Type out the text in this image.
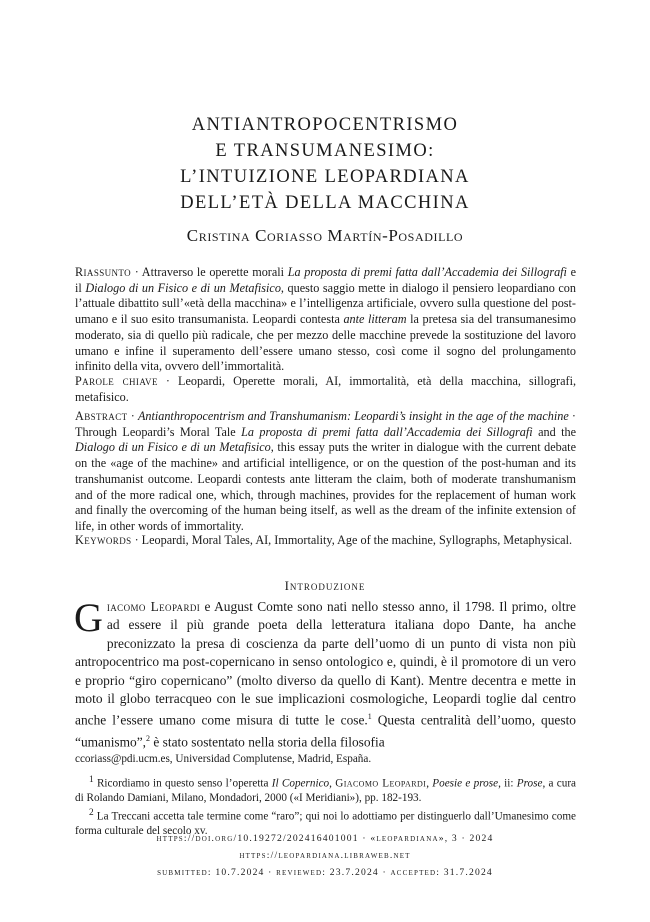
ANTIANTROPOCENTRISMO
E TRANSUMANESIMO:
L’INTUIZIONE LEOPARDIANA
DELL’ETÀ DELLA MACCHINA
Cristina Coriasso Martín-Posadillo
Riassunto · Attraverso le operette morali La proposta di premi fatta dall’Accademia dei Sillografi e il Dialogo di un Fisico e di un Metafisico, questo saggio mette in dialogo il pensiero leopardiano con l’attuale dibattito sull’«età della macchina» e l’intelligenza artificiale, ovvero sulla questione del post-umano e il suo esito transumanista. Leopardi contesta ante litteram la pretesa sia del transumanesimo moderato, sia di quello più radicale, che per mezzo delle macchine prevede la sostituzione del lavoro umano e infine il superamento dell’essere umano stesso, così come il sogno del prolungamento infinito della vita, ovvero dell’immortalità.
Parole chiave · Leopardi, Operette morali, AI, immortalità, età della macchina, sillografi, metafisico.
Abstract · Antianthropocentrism and Transhumanism: Leopardi’s insight in the age of the machine · Through Leopardi’s Moral Tale La proposta di premi fatta dall’Accademia dei Sillografi and the Dialogo di un Fisico e di un Metafisico, this essay puts the writer in dialogue with the current debate on the «age of the machine» and artificial intelligence, or on the question of the post-human and its transhumanist outcome. Leopardi contests ante litteram the claim, both of moderate transhumanism and of the more radical one, which, through machines, provides for the replacement of human work and finally the overcoming of the human being itself, as well as the dream of the infinite extension of life, in other words of immortality.
Keywords · Leopardi, Moral Tales, AI, Immortality, Age of the machine, Syllographs, Metaphysical.
Introduzione
Giacomo Leopardi e August Comte sono nati nello stesso anno, il 1798. Il primo, oltre ad essere il più grande poeta della letteratura italiana dopo Dante, ha anche preconizzato la presa di coscienza da parte dell’uomo di un punto di vista non più antropocentrico ma post-copernicano in senso ontologico e, quindi, è il promotore di un vero e proprio “giro copernicano” (molto diverso da quello di Kant). Mentre decentra e mette in moto il globo terracqueo con le sue implicazioni cosmologiche, Leopardi toglie dal centro anche l’essere umano come misura di tutte le cose.$^1$ Questa centralità dell’uomo, questo “umanismo”,$^2$ è stato sostentato nella storia della filosofia

ccoriass@pdi.ucm.es, Universidad Complutense, Madrid, España.

$^1$ Ricordiamo in questo senso l’operetta Il Copernico, Giacomo Leopardi, Poesie e prose, ii: Prose, a cura di Rolando Damiani, Milano, Mondadori, 2000 («I Meridiani»), pp. 182-193.

$^2$ La Treccani accetta tale termine come “raro”; qui noi lo adottiamo per distinguerlo dall’Umanesimo come forma culturale del secolo xv.

https://doi.org/10.19272/202416401001 · «leopardiana», 3 · 2024
https://leopardiana.libraweb.net
submitted: 10.7.2024 · reviewed: 23.7.2024 · accepted: 31.7.2024
